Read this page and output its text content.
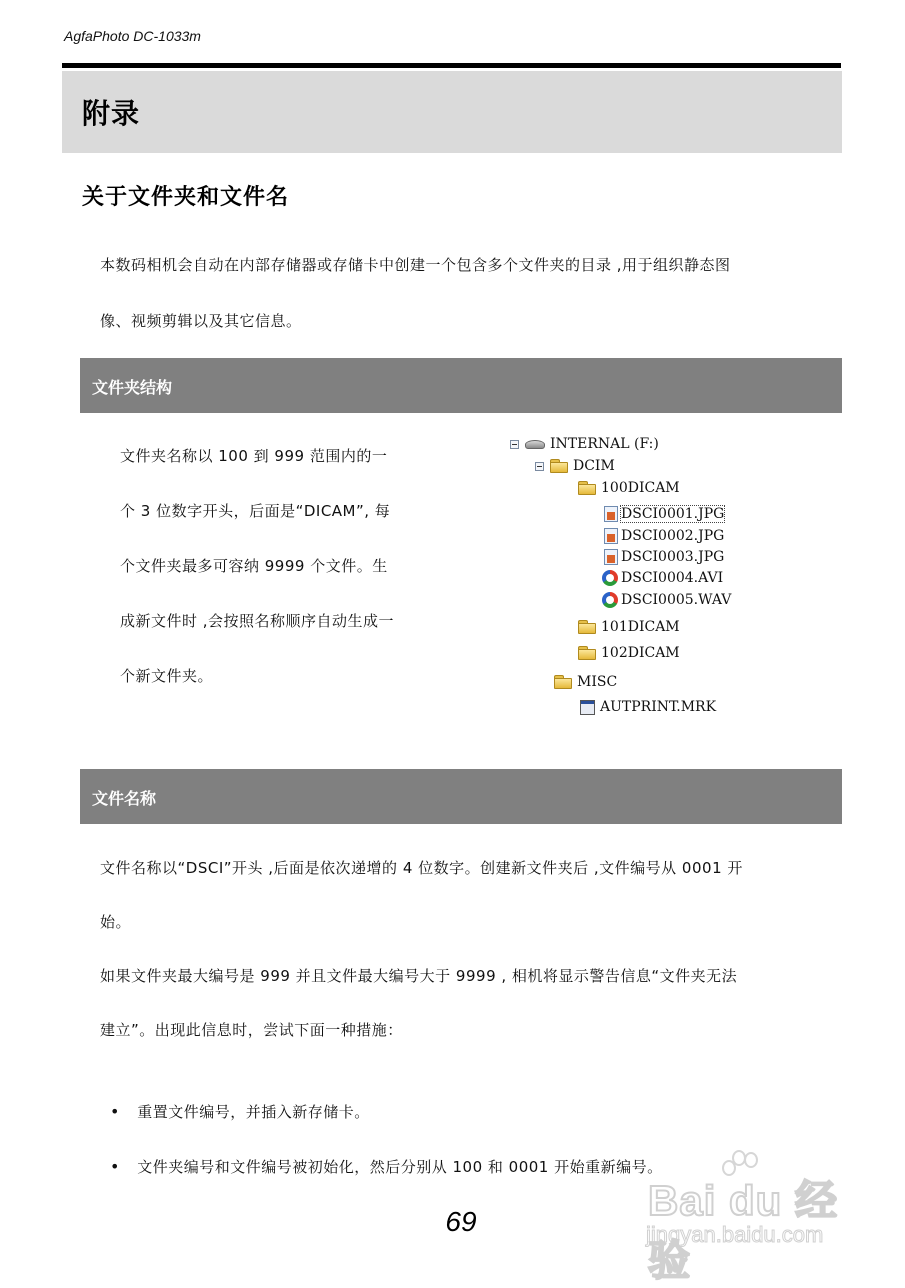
AgfaPhoto DC-1033m
附录
关于文件夹和文件名
本数码相机会自动在内部存储器或存储卡中创建一个包含多个文件夹的目录 ,用于组织静态图
像、视频剪辑以及其它信息。
文件夹结构
文件夹名称以 100 到 999 范围内的一
个 3 位数字开头，后面是“DICAM”, 每
个文件夹最多可容纳 9999 个文件。生
成新文件时 ,会按照名称顺序自动生成一
个新文件夹。
INTERNAL (F:)
DCIM
100DICAM
DSCI0001.JPG
DSCI0002.JPG
DSCI0003.JPG
DSCI0004.AVI
DSCI0005.WAV
101DICAM
102DICAM
MISC
AUTPRINT.MRK
文件名称
文件名称以“DSCI”开头 ,后面是依次递增的 4 位数字。创建新文件夹后 ,文件编号从 0001 开
始。
如果文件夹最大编号是 999 并且文件最大编号大于 9999 , 相机将显示警告信息“文件夹无法
建立”。出现此信息时，尝试下面一种措施：
• 重置文件编号，并插入新存储卡。
• 文件夹编号和文件编号被初始化，然后分别从 100 和 0001 开始重新编号。
69	Bai du 经验
jingyan.baidu.com
